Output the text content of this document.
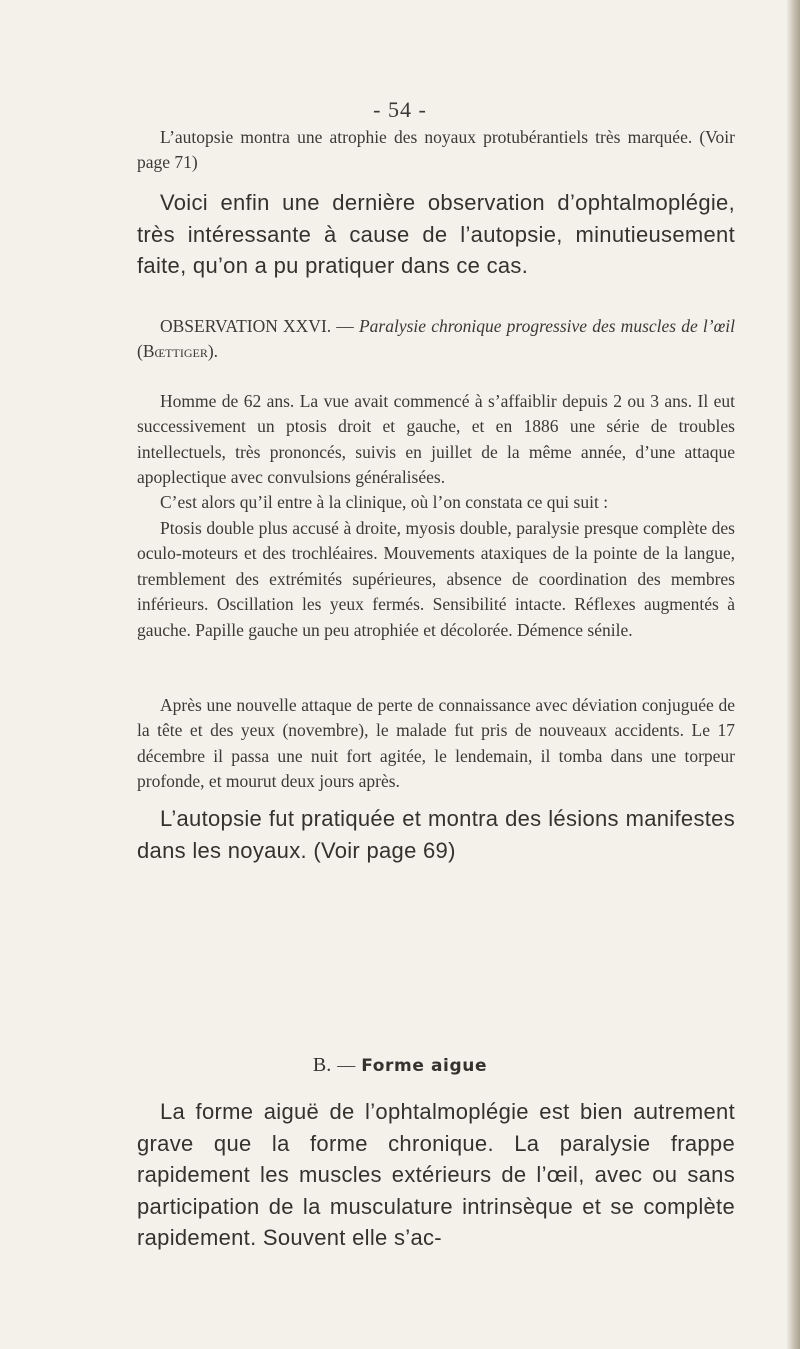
- 54 -

L’autopsie montra une atrophie des noyaux protubérantiels très marquée. (Voir page 71)

Voici enfin une dernière observation d’ophtalmoplégie, très intéressante à cause de l’autopsie, minutieusement faite, qu’on a pu pratiquer dans ce cas.

OBSERVATION XXVI. — Paralysie chronique progressive des muscles de l’œil (Bœttiger).

Homme de 62 ans. La vue avait commencé à s’affaiblir depuis 2 ou 3 ans. Il eut successivement un ptosis droit et gauche, et en 1886 une série de troubles intellectuels, très prononcés, suivis en juillet de la même année, d’une attaque apoplectique avec convulsions généralisées.

C’est alors qu’il entre à la clinique, où l’on constata ce qui suit :

Ptosis double plus accusé à droite, myosis double, paralysie presque complète des oculo-moteurs et des trochléaires. Mouvements ataxiques de la pointe de la langue, tremblement des extrémités supérieures, absence de coordination des membres inférieurs. Oscillation les yeux fermés. Sensibilité intacte. Réflexes augmentés à gauche. Papille gauche un peu atrophiée et décolorée. Démence sénile.

Après une nouvelle attaque de perte de connaissance avec déviation conjuguée de la tête et des yeux (novembre), le malade fut pris de nouveaux accidents. Le 17 décembre il passa une nuit fort agitée, le lendemain, il tomba dans une torpeur profonde, et mourut deux jours après.

L’autopsie fut pratiquée et montra des lésions manifestes dans les noyaux. (Voir page 69)

B. — Forme aigue

La forme aiguë de l’ophtalmoplégie est bien autrement grave que la forme chronique. La paralysie frappe rapidement les muscles extérieurs de l’œil, avec ou sans participation de la musculature intrinsèque et se complète rapidement. Souvent elle s’ac-
